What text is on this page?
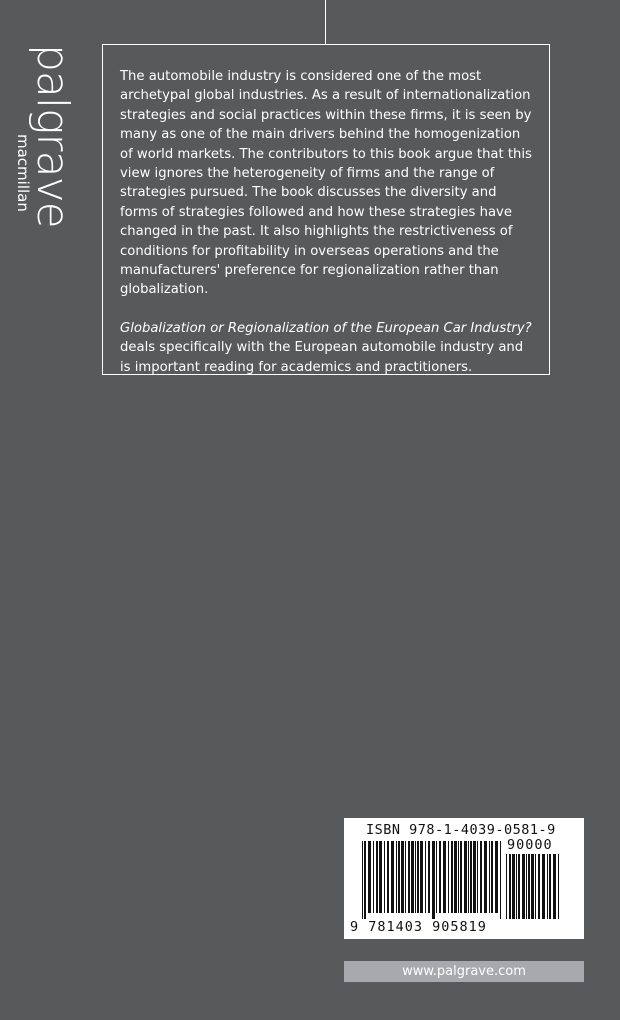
palgrave
macmillan

The automobile industry is considered one of the most archetypal global industries. As a result of internationalization strategies and social practices within these firms, it is seen by many as one of the main drivers behind the homogenization of world markets. The contributors to this book argue that this view ignores the heterogeneity of firms and the range of strategies pursued. The book discusses the diversity and forms of strategies followed and how these strategies have changed in the past. It also highlights the restrictiveness of conditions for profitability in overseas operations and the manufacturers' preference for regionalization rather than globalization.

Globalization or Regionalization of the European Car Industry?
deals specifically with the European automobile industry and is important reading for academics and practitioners.

ISBN 978-1-4039-0581-9
90000
9 781403 905819
www.palgrave.com
